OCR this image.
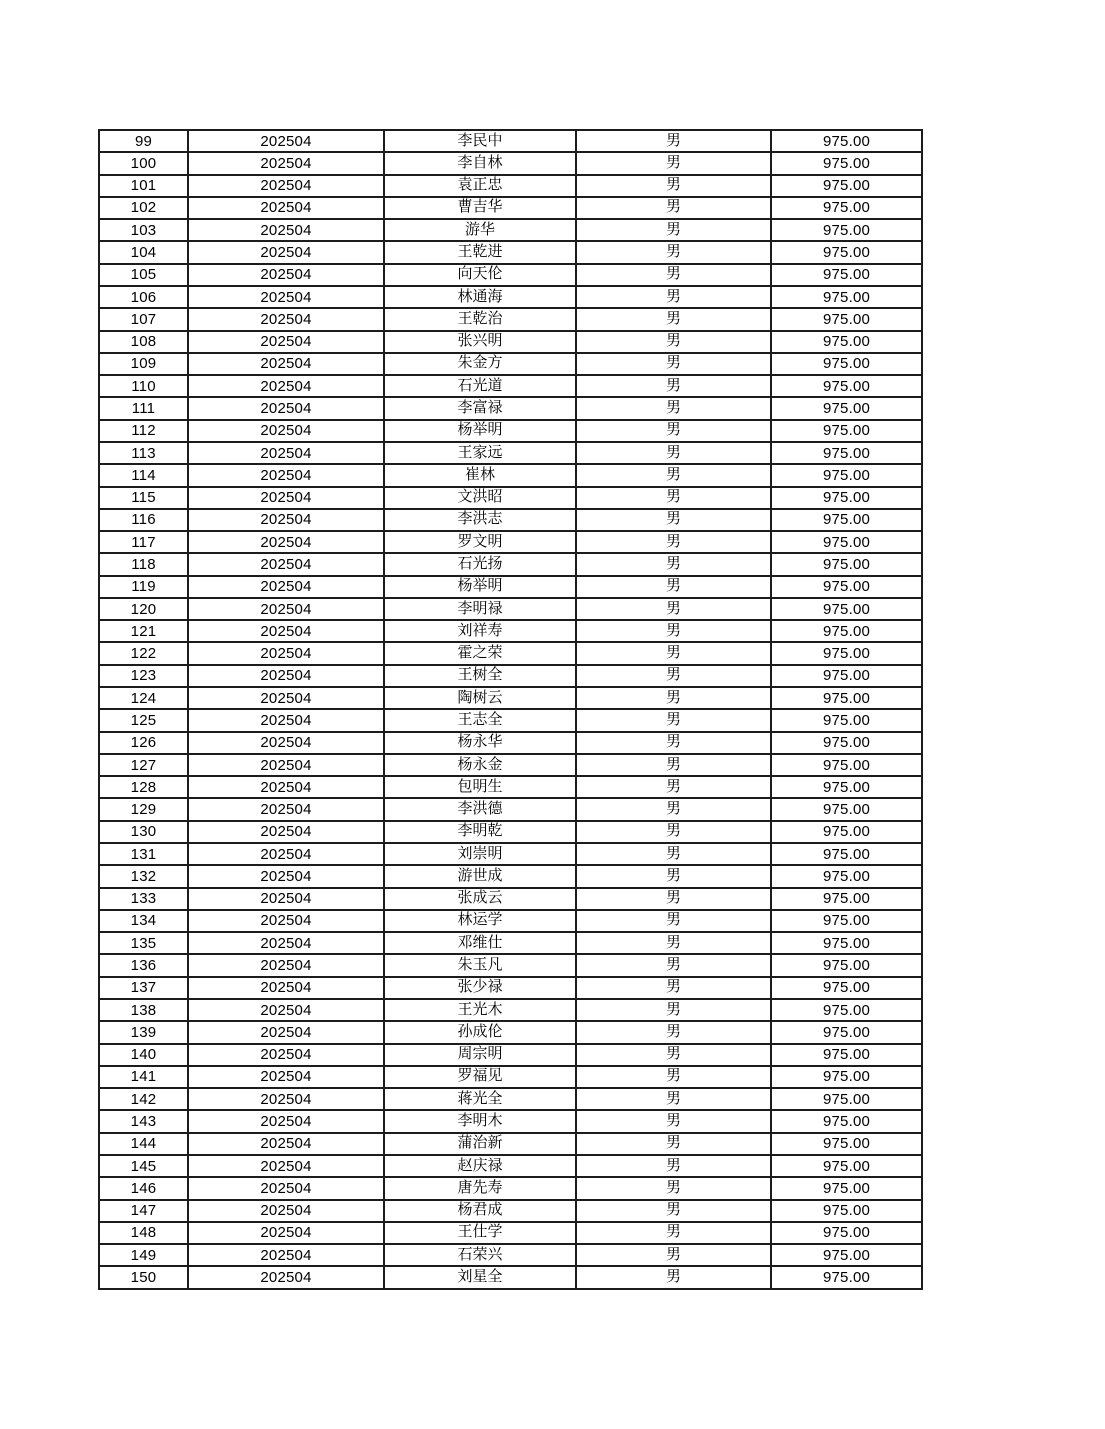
99	202504	李民中	男	975.00
100	202504	李自林	男	975.00
101	202504	袁正忠	男	975.00
102	202504	曹吉华	男	975.00
103	202504	游华	男	975.00
104	202504	王乾进	男	975.00
105	202504	向天伦	男	975.00
106	202504	林通海	男	975.00
107	202504	王乾治	男	975.00
108	202504	张兴明	男	975.00
109	202504	朱金方	男	975.00
110	202504	石光道	男	975.00
111	202504	李富禄	男	975.00
112	202504	杨举明	男	975.00
113	202504	王家远	男	975.00
114	202504	崔林	男	975.00
115	202504	文洪昭	男	975.00
116	202504	李洪志	男	975.00
117	202504	罗文明	男	975.00
118	202504	石光扬	男	975.00
119	202504	杨举明	男	975.00
120	202504	李明禄	男	975.00
121	202504	刘祥寿	男	975.00
122	202504	霍之荣	男	975.00
123	202504	王树全	男	975.00
124	202504	陶树云	男	975.00
125	202504	王志全	男	975.00
126	202504	杨永华	男	975.00
127	202504	杨永金	男	975.00
128	202504	包明生	男	975.00
129	202504	李洪德	男	975.00
130	202504	李明乾	男	975.00
131	202504	刘崇明	男	975.00
132	202504	游世成	男	975.00
133	202504	张成云	男	975.00
134	202504	林运学	男	975.00
135	202504	邓维仕	男	975.00
136	202504	朱玉凡	男	975.00
137	202504	张少禄	男	975.00
138	202504	王光木	男	975.00
139	202504	孙成伦	男	975.00
140	202504	周宗明	男	975.00
141	202504	罗福见	男	975.00
142	202504	蒋光全	男	975.00
143	202504	李明木	男	975.00
144	202504	蒲治新	男	975.00
145	202504	赵庆禄	男	975.00
146	202504	唐先寿	男	975.00
147	202504	杨君成	男	975.00
148	202504	王仕学	男	975.00
149	202504	石荣兴	男	975.00
150	202504	刘星全	男	975.00
